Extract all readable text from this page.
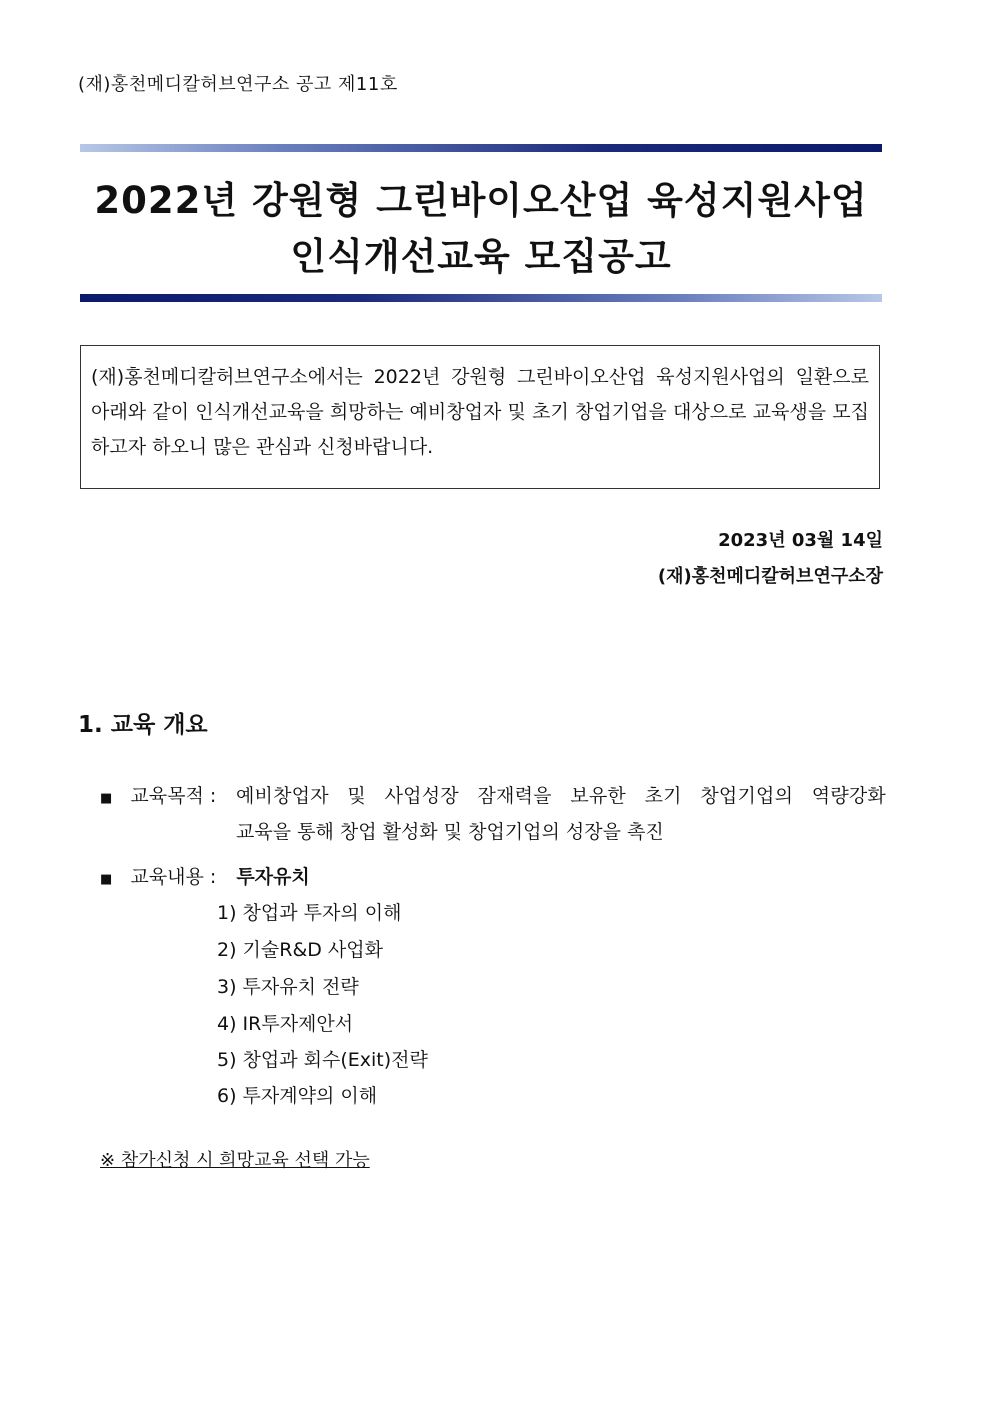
(재)홍천메디칼허브연구소 공고 제11호
2022년 강원형 그린바이오산업 육성지원사업
인식개선교육 모집공고
(재)홍천메디칼허브연구소에서는 2022년 강원형 그린바이오산업 육성지원사업의 일환으로 아래와 같이 인식개선교육을 희망하는 예비창업자 및 초기 창업기업을 대상으로 교육생을 모집하고자 하오니 많은 관심과 신청바랍니다.
2023년 03월 14일
(재)홍천메디칼허브연구소장
1. 교육 개요
■ 교육목적 : 예비창업자 및 사업성장 잠재력을 보유한 초기 창업기업의 역량강화
교육을 통해 창업 활성화 및 창업기업의 성장을 촉진
■ 교육내용 : 투자유치
1) 창업과 투자의 이해
2) 기술R&D 사업화
3) 투자유치 전략
4) IR투자제안서
5) 창업과 회수(Exit)전략
6) 투자계약의 이해
※ 참가신청 시 희망교육 선택 가능
